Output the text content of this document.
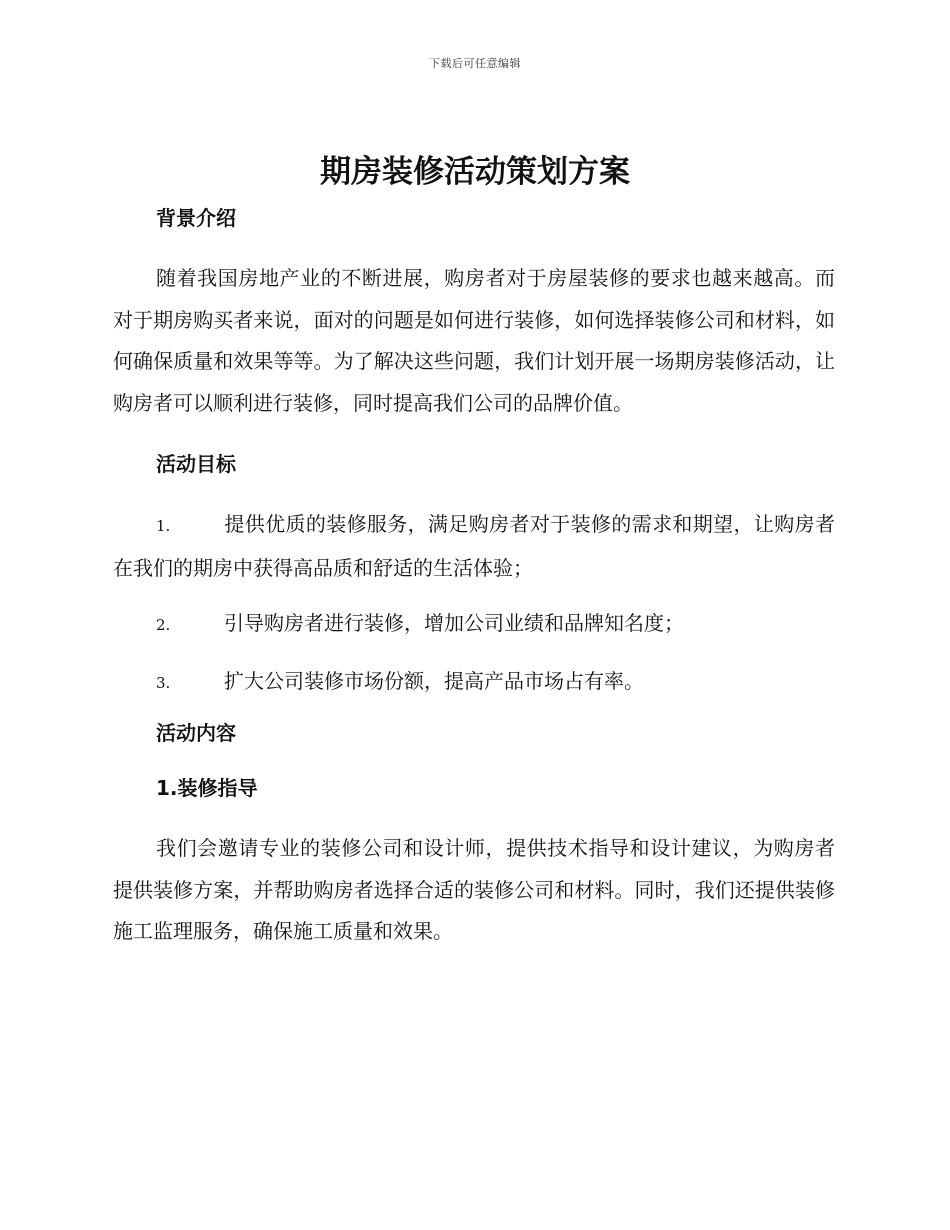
下载后可任意编辑
期房装修活动策划方案
背景介绍

随着我国房地产业的不断进展，购房者对于房屋装修的要求也越来越高。而对于期房购买者来说，面对的问题是如何进行装修，如何选择装修公司和材料，如何确保质量和效果等等。为了解决这些问题，我们计划开展一场期房装修活动，让购房者可以顺利进行装修，同时提高我们公司的品牌价值。

活动目标

1.	提供优质的装修服务，满足购房者对于装修的需求和期望，让购房者在我们的期房中获得高品质和舒适的生活体验；

2.	引导购房者进行装修，增加公司业绩和品牌知名度；

3.	扩大公司装修市场份额，提高产品市场占有率。

活动内容
1.装修指导

我们会邀请专业的装修公司和设计师，提供技术指导和设计建议，为购房者提供装修方案，并帮助购房者选择合适的装修公司和材料。同时，我们还提供装修施工监理服务，确保施工质量和效果。
